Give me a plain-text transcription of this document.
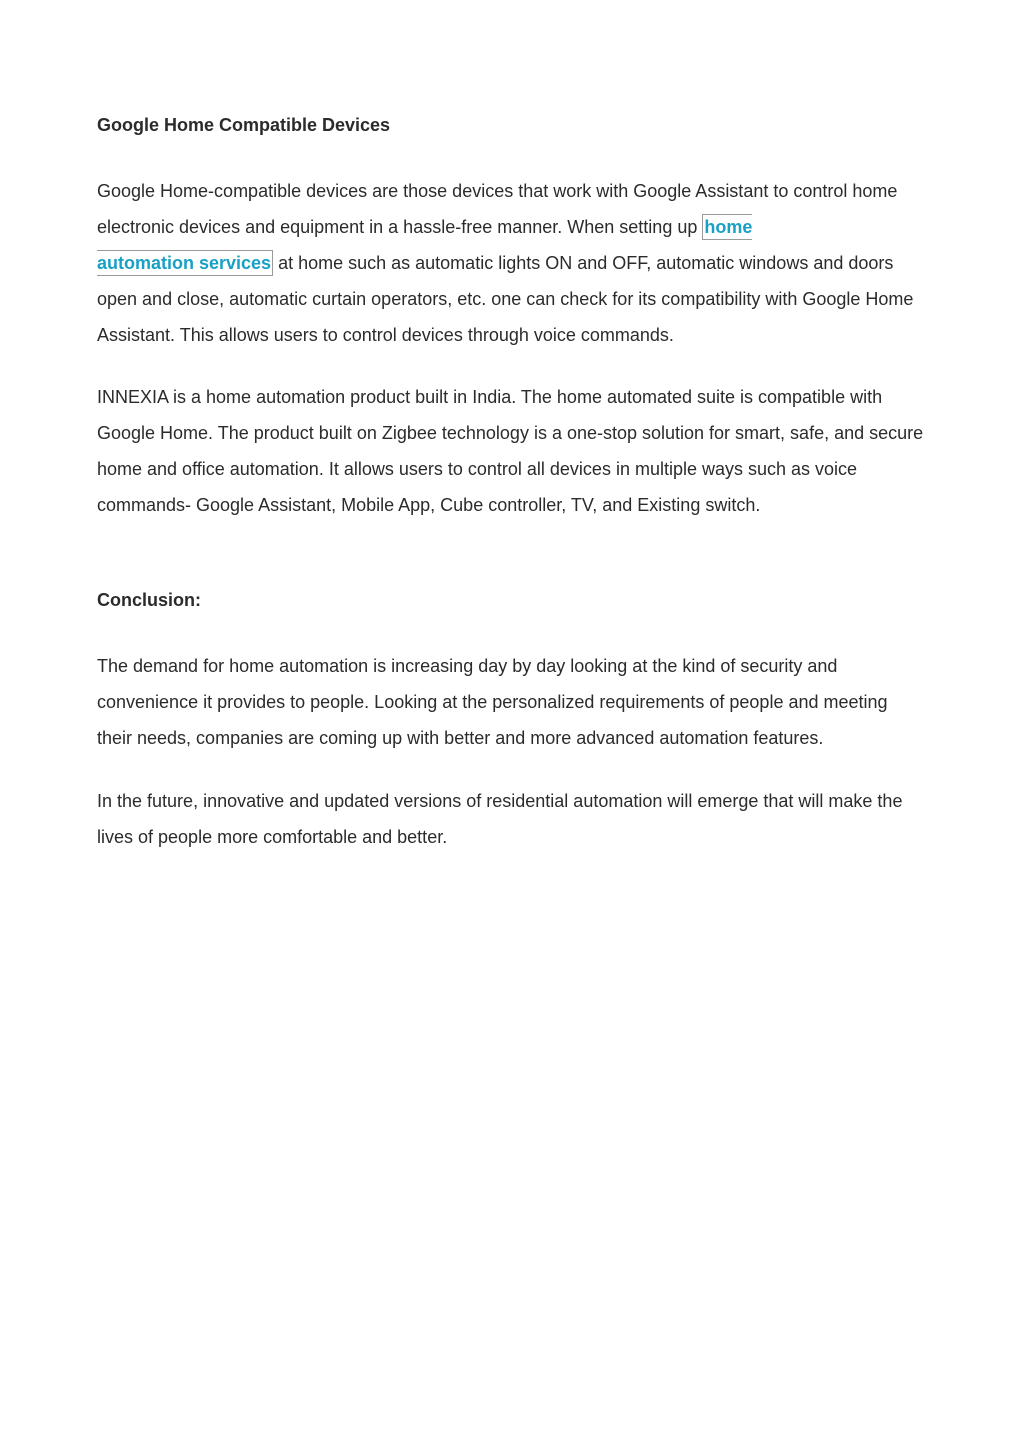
Google Home Compatible Devices

Google Home-compatible devices are those devices that work with Google Assistant to control home electronic devices and equipment in a hassle-free manner. When setting up home
automation services at home such as automatic lights ON and OFF, automatic windows and doors open and close, automatic curtain operators, etc. one can check for its compatibility with Google Home Assistant. This allows users to control devices through voice commands.

INNEXIA is a home automation product built in India. The home automated suite is compatible with Google Home. The product built on Zigbee technology is a one-stop solution for smart, safe, and secure home and office automation. It allows users to control all devices in multiple ways such as voice commands- Google Assistant, Mobile App, Cube controller, TV, and Existing switch.

Conclusion:

The demand for home automation is increasing day by day looking at the kind of security and convenience it provides to people. Looking at the personalized requirements of people and meeting their needs, companies are coming up with better and more advanced automation features.

In the future, innovative and updated versions of residential automation will emerge that will make the lives of people more comfortable and better.
